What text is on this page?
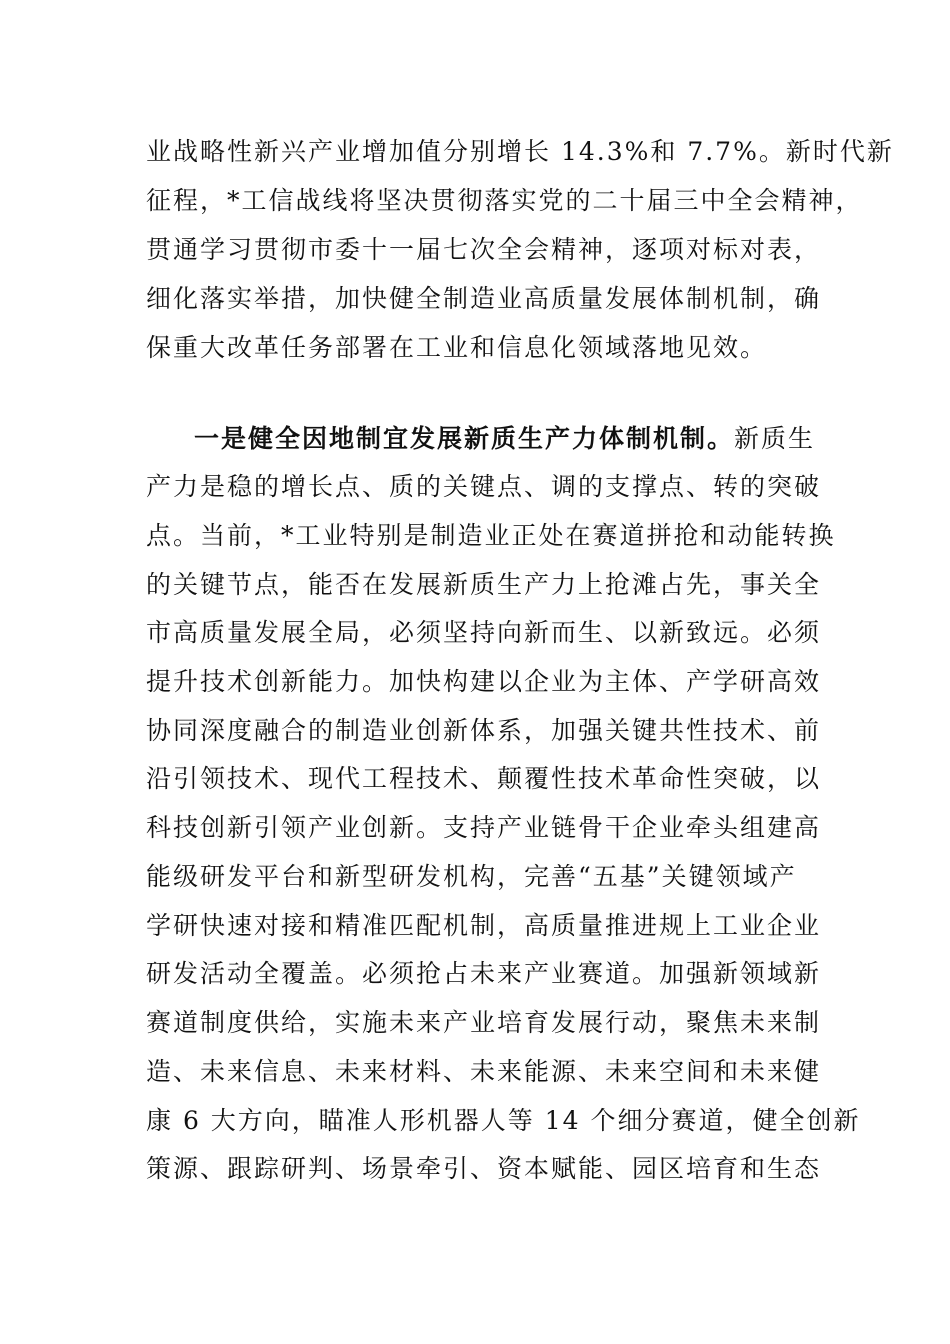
业战略性新兴产业增加值分别增长 14.3%和 7.7%。新时代新
征程，*工信战线将坚决贯彻落实党的二十届三中全会精神，
贯通学习贯彻市委十一届七次全会精神，逐项对标对表，
细化落实举措，加快健全制造业高质量发展体制机制，确
保重大改革任务部署在工业和信息化领域落地见效。
一是健全因地制宜发展新质生产力体制机制。新质生
产力是稳的增长点、质的关键点、调的支撑点、转的突破
点。当前，*工业特别是制造业正处在赛道拼抢和动能转换
的关键节点，能否在发展新质生产力上抢滩占先，事关全
市高质量发展全局，必须坚持向新而生、以新致远。必须
提升技术创新能力。加快构建以企业为主体、产学研高效
协同深度融合的制造业创新体系，加强关键共性技术、前
沿引领技术、现代工程技术、颠覆性技术革命性突破，以
科技创新引领产业创新。支持产业链骨干企业牵头组建高
能级研发平台和新型研发机构，完善“五基”关键领域产
学研快速对接和精准匹配机制，高质量推进规上工业企业
研发活动全覆盖。必须抢占未来产业赛道。加强新领域新
赛道制度供给，实施未来产业培育发展行动，聚焦未来制
造、未来信息、未来材料、未来能源、未来空间和未来健
康 6 大方向，瞄准人形机器人等 14 个细分赛道，健全创新
策源、跟踪研判、场景牵引、资本赋能、园区培育和生态
